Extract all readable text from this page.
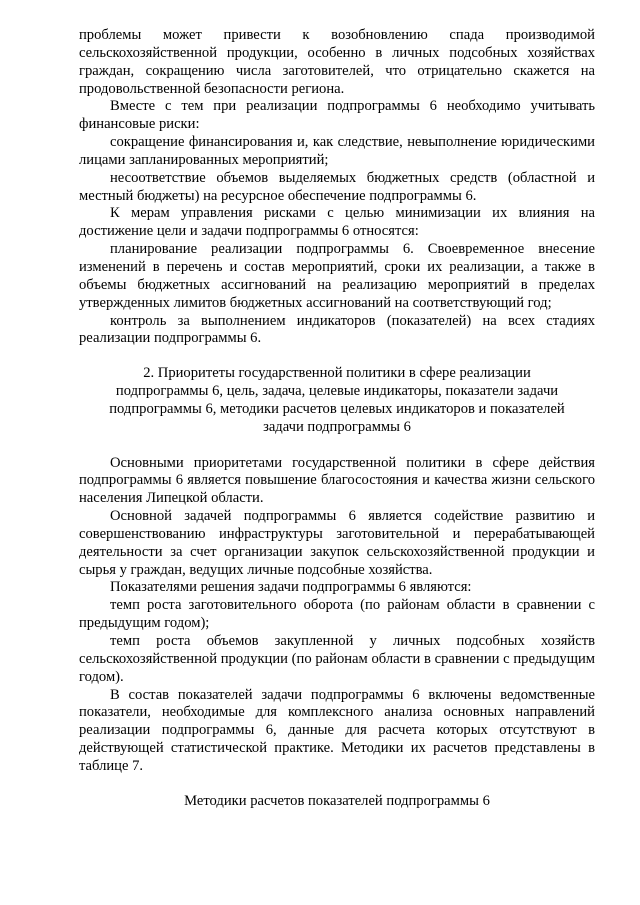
проблемы может привести к возобновлению спада производимой сельскохозяйственной продукции, особенно в личных подсобных хозяйствах граждан, сокращению числа заготовителей, что отрицательно скажется на продовольственной безопасности региона.

Вместе с тем при реализации подпрограммы 6 необходимо учитывать финансовые риски:

сокращение финансирования и, как следствие, невыполнение юридическими лицами запланированных мероприятий;

несоответствие объемов выделяемых бюджетных средств (областной и местный бюджеты) на ресурсное обеспечение подпрограммы 6.

К мерам управления рисками с целью минимизации их влияния на достижение цели и задачи подпрограммы 6 относятся:

планирование реализации подпрограммы 6. Своевременное внесение изменений в перечень и состав мероприятий, сроки их реализации, а также в объемы бюджетных ассигнований на реализацию мероприятий в пределах утвержденных лимитов бюджетных ассигнований на соответствующий год;

контроль за выполнением индикаторов (показателей) на всех стадиях реализации подпрограммы 6.

2. Приоритеты государственной политики в сфере реализации подпрограммы 6, цель, задача, целевые индикаторы, показатели задачи подпрограммы 6, методики расчетов целевых индикаторов и показателей задачи подпрограммы 6

Основными приоритетами государственной политики в сфере действия подпрограммы 6 является повышение благосостояния и качества жизни сельского населения Липецкой области.

Основной задачей подпрограммы 6 является содействие развитию и совершенствованию инфраструктуры заготовительной и перерабатывающей деятельности за счет организации закупок сельскохозяйственной продукции и сырья у граждан, ведущих личные подсобные хозяйства.

Показателями решения задачи подпрограммы 6 являются:

темп роста заготовительного оборота (по районам области в сравнении с предыдущим годом);

темп роста объемов закупленной у личных подсобных хозяйств сельскохозяйственной продукции (по районам области в сравнении с предыдущим годом).

В состав показателей задачи подпрограммы 6 включены ведомственные показатели, необходимые для комплексного анализа основных направлений реализации подпрограммы 6, данные для расчета которых отсутствуют в действующей статистической практике. Методики их расчетов представлены в таблице 7.

Методики расчетов показателей подпрограммы 6
